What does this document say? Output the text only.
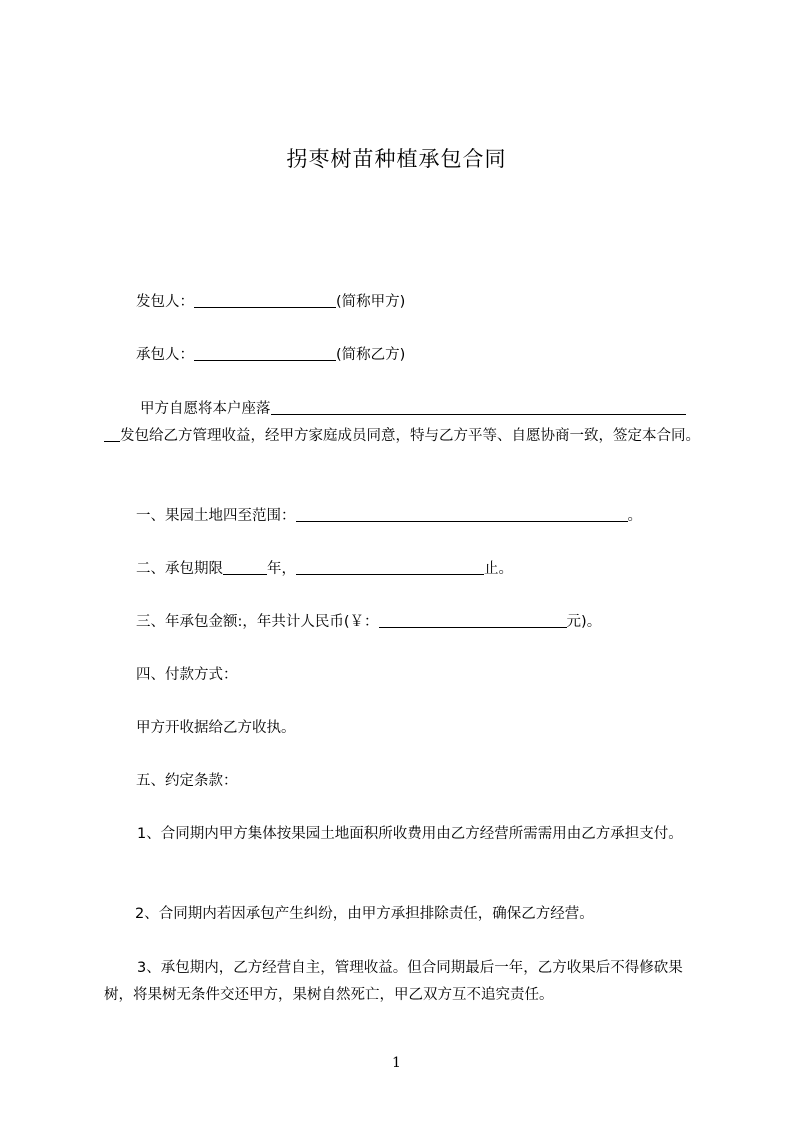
拐枣树苗种植承包合同
发包人：	(简称甲方)
承包人：	(简称乙方)
甲方自愿将本户座落
发包给乙方管理收益，经甲方家庭成员同意，特与乙方平等、自愿协商一致，签定本合同。
一、果园土地四至范围：	。
二、承包期限	年，	止。
三、年承包金额:，年共计人民币(￥：	元)。
四、付款方式：
甲方开收据给乙方收执。
五、约定条款：
1、合同期内甲方集体按果园土地面积所收费用由乙方经营所需需用由乙方承担支付。
2、合同期内若因承包产生纠纷，由甲方承担排除责任，确保乙方经营。
3、承包期内，乙方经营自主，管理收益。但合同期最后一年，乙方收果后不得修砍果树，将果树无条件交还甲方，果树自然死亡，甲乙双方互不追究责任。
1
